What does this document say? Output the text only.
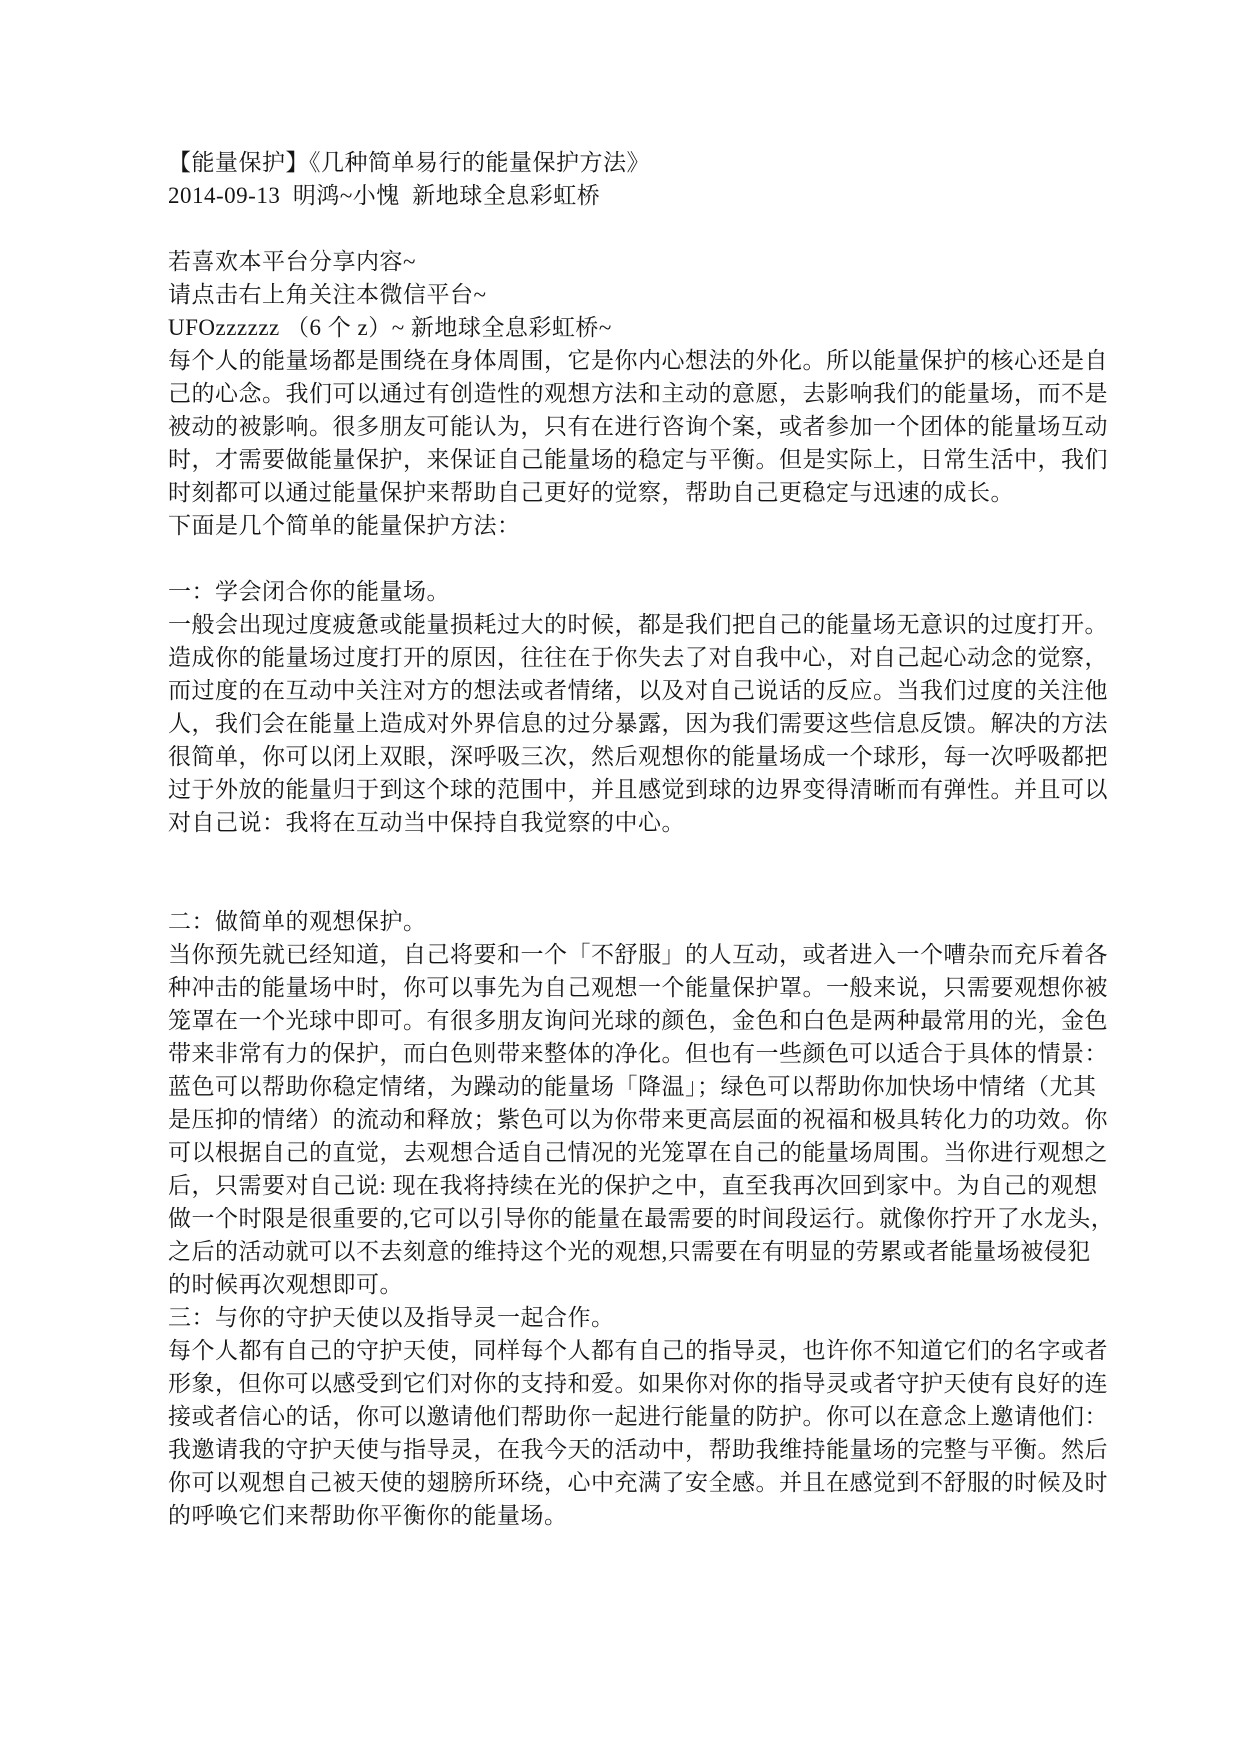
【能量保护】《几种简单易行的能量保护方法》
2014-09-13  明鸿~小愧  新地球全息彩虹桥

若喜欢本平台分享内容~
请点击右上角关注本微信平台~
UFOzzzzzz （6 个 z）~ 新地球全息彩虹桥~
每个人的能量场都是围绕在身体周围，它是你内心想法的外化。所以能量保护的核心还是自
己的心念。我们可以通过有创造性的观想方法和主动的意愿，去影响我们的能量场，而不是
被动的被影响。很多朋友可能认为，只有在进行咨询个案，或者参加一个团体的能量场互动
时，才需要做能量保护，来保证自己能量场的稳定与平衡。但是实际上，日常生活中，我们
时刻都可以通过能量保护来帮助自己更好的觉察，帮助自己更稳定与迅速的成长。
下面是几个简单的能量保护方法：

一：学会闭合你的能量场。
一般会出现过度疲惫或能量损耗过大的时候，都是我们把自己的能量场无意识的过度打开。
造成你的能量场过度打开的原因，往往在于你失去了对自我中心，对自己起心动念的觉察，
而过度的在互动中关注对方的想法或者情绪，以及对自己说话的反应。当我们过度的关注他
人，我们会在能量上造成对外界信息的过分暴露，因为我们需要这些信息反馈。解决的方法
很简单，你可以闭上双眼，深呼吸三次，然后观想你的能量场成一个球形，每一次呼吸都把
过于外放的能量归于到这个球的范围中，并且感觉到球的边界变得清晰而有弹性。并且可以
对自己说：我将在互动当中保持自我觉察的中心。

二：做简单的观想保护。
当你预先就已经知道，自己将要和一个「不舒服」的人互动，或者进入一个嘈杂而充斥着各
种冲击的能量场中时，你可以事先为自己观想一个能量保护罩。一般来说，只需要观想你被
笼罩在一个光球中即可。有很多朋友询问光球的颜色，金色和白色是两种最常用的光，金色
带来非常有力的保护，而白色则带来整体的净化。但也有一些颜色可以适合于具体的情景：
蓝色可以帮助你稳定情绪，为躁动的能量场「降温」；绿色可以帮助你加快场中情绪（尤其
是压抑的情绪）的流动和释放；紫色可以为你带来更高层面的祝福和极具转化力的功效。你
可以根据自己的直觉，去观想合适自己情况的光笼罩在自己的能量场周围。当你进行观想之
后，只需要对自己说: 现在我将持续在光的保护之中，直至我再次回到家中。为自己的观想
做一个时限是很重要的,它可以引导你的能量在最需要的时间段运行。就像你拧开了水龙头，
之后的活动就可以不去刻意的维持这个光的观想,只需要在有明显的劳累或者能量场被侵犯
的时候再次观想即可。
三：与你的守护天使以及指导灵一起合作。
每个人都有自己的守护天使，同样每个人都有自己的指导灵，也许你不知道它们的名字或者
形象，但你可以感受到它们对你的支持和爱。如果你对你的指导灵或者守护天使有良好的连
接或者信心的话，你可以邀请他们帮助你一起进行能量的防护。你可以在意念上邀请他们：
我邀请我的守护天使与指导灵，在我今天的活动中，帮助我维持能量场的完整与平衡。然后
你可以观想自己被天使的翅膀所环绕，心中充满了安全感。并且在感觉到不舒服的时候及时
的呼唤它们来帮助你平衡你的能量场。
